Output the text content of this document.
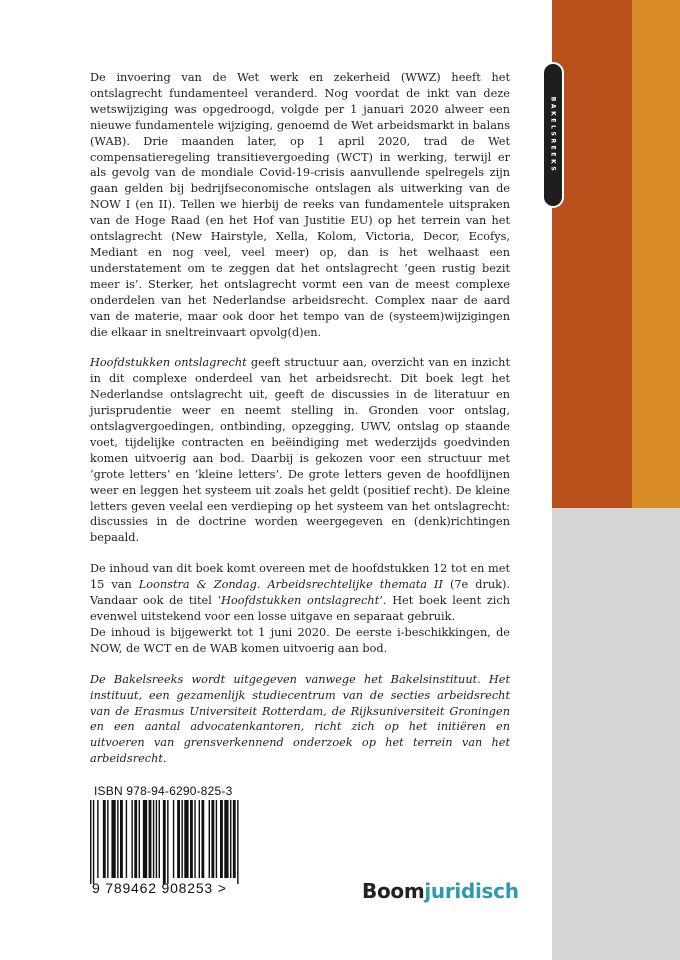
BAKELSREEKS

De invoering van de Wet werk en zekerheid (WWZ) heeft het ontslagrecht fundamenteel veranderd. Nog voordat de inkt van deze wetswijziging was opgedroogd, volgde per 1 januari 2020 alweer een nieuwe fundamentele wijziging, genoemd de Wet arbeidsmarkt in balans (WAB). Drie maanden later, op 1 april 2020, trad de Wet compensatieregeling transitievergoeding (WCT) in werking, terwijl er als gevolg van de mondiale Covid-19-crisis aanvullende spelregels zijn gaan gelden bij bedrijfseconomische ontslagen als uitwerking van de NOW I (en II). Tellen we hierbij de reeks van fundamentele uitspraken van de Hoge Raad (en het Hof van Justitie EU) op het terrein van het ontslagrecht (New Hairstyle, Xella, Kolom, Victoria, Decor, Ecofys, Mediant en nog veel, veel meer) op, dan is het welhaast een understatement om te zeggen dat het ontslagrecht ‘geen rustig bezit meer is’. Sterker, het ontslagrecht vormt een van de meest complexe onderdelen van het Nederlandse arbeidsrecht. Complex naar de aard van de materie, maar ook door het tempo van de (systeem)wijzigingen die elkaar in sneltreinvaart opvolg(d)en.

Hoofdstukken ontslagrecht geeft structuur aan, overzicht van en inzicht in dit complexe onderdeel van het arbeidsrecht. Dit boek legt het Nederlandse ontslagrecht uit, geeft de discussies in de literatuur en jurisprudentie weer en neemt stelling in. Gronden voor ontslag, ontslagvergoedingen, ontbinding, opzegging, UWV, ontslag op staande voet, tijdelijke contracten en beëindiging met wederzijds goedvinden komen uitvoerig aan bod. Daarbij is gekozen voor een structuur met ‘grote letters’ en ‘kleine letters’. De grote letters geven de hoofdlijnen weer en leggen het systeem uit zoals het geldt (positief recht). De kleine letters geven veelal een verdieping op het systeem van het ontslagrecht: discussies in de doctrine worden weergegeven en (denk)richtingen bepaald.

De inhoud van dit boek komt overeen met de hoofdstukken 12 tot en met 15 van Loonstra & Zondag. Arbeidsrechtelijke themata II (7e druk). Vandaar ook de titel ‘Hoofdstukken ontslagrecht’. Het boek leent zich evenwel uitstekend voor een losse uitgave en separaat gebruik.

De inhoud is bijgewerkt tot 1 juni 2020. De eerste i-beschikkingen, de NOW, de WCT en de WAB komen uitvoerig aan bod.

De Bakelsreeks wordt uitgegeven vanwege het Bakelsinstituut. Het instituut, een gezamenlijk studiecentrum van de secties arbeidsrecht van de Erasmus Universiteit Rotterdam, de Rijksuniversiteit Groningen en een aantal advocatenkantoren, richt zich op het initiëren en uitvoeren van grensverkennend onderzoek op het terrein van het arbeidsrecht.

ISBN 978-94-6290-825-3
9 789462 908253 >	Boomjuridisch
